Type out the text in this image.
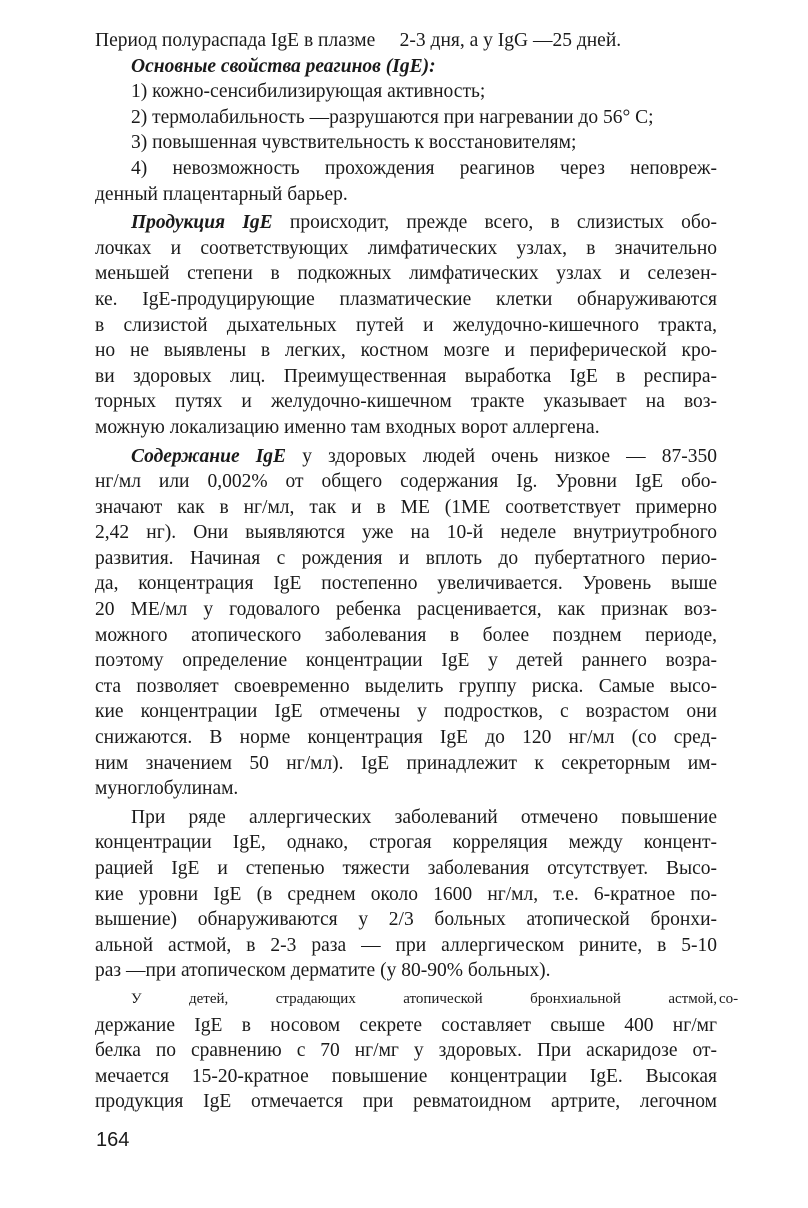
Период полураспада IgE в плазме     2-3 дня, а у IgG —25 дней.
Основные свойства реагинов (IgE):
1) кожно-сенсибилизирующая активность;
2) термолабильность —разрушаются при нагревании до 56° С;
3) повышенная чувствительность к восстановителям;
4) невозможность прохождения реагинов через неповреж-
денный плацентарный барьер.
Продукция IgE происходит, прежде всего, в слизистых обо-
лочках и соответствующих лимфатических узлах, в значительно
меньшей степени в подкожных лимфатических узлах и селезен-
ке. IgE-продуцирующие плазматические клетки обнаруживаются
в слизистой дыхательных путей и желудочно-кишечного тракта,
но не выявлены в легких, костном мозге и периферической кро-
ви здоровых лиц. Преимущественная выработка IgE в респира-
торных путях и желудочно-кишечном тракте указывает на воз-
можную локализацию именно там входных ворот аллергена.
Содержание IgE у здоровых людей очень низкое — 87-350
нг/мл или 0,002% от общего содержания Ig. Уровни IgE обо-
значают как в нг/мл, так и в МЕ (1МЕ соответствует примерно
2,42 нг). Они выявляются уже на 10-й неделе внутриутробного
развития. Начиная с рождения и вплоть до пубертатного перио-
да, концентрация IgE постепенно увеличивается. Уровень выше
20 МЕ/мл у годовалого ребенка расценивается, как признак воз-
можного атопического заболевания в более позднем периоде,
поэтому определение концентрации IgE у детей раннего возра-
ста позволяет своевременно выделить группу риска. Самые высо-
кие концентрации IgE отмечены у подростков, с возрастом они
снижаются. В норме концентрация IgE до 120 нг/мл (со сред-
ним значением 50 нг/мл). IgE принадлежит к секреторным им-
муноглобулинам.
При ряде аллергических заболеваний отмечено повышение
концентрации IgE, однако, строгая корреляция между концент-
рацией IgE и степенью тяжести заболевания отсутствует. Высо-
кие уровни IgE (в среднем около 1600 нг/мл, т.е. 6-кратное по-
вышение) обнаруживаются у 2/3 больных атопической бронхи-
альной астмой, в 2-3 раза — при аллергическом рините, в 5-10
раз —при атопическом дерматите (у 80-90% больных).
У детей, страдающих атопической бронхиальной астмой, со-
держание IgE в носовом секрете составляет свыше 400 нг/мг
белка по сравнению с 70 нг/мг у здоровых. При аскаридозе от-
мечается 15-20-кратное повышение концентрации IgE. Высокая
продукция IgE отмечается при ревматоидном артрите, легочном
164
